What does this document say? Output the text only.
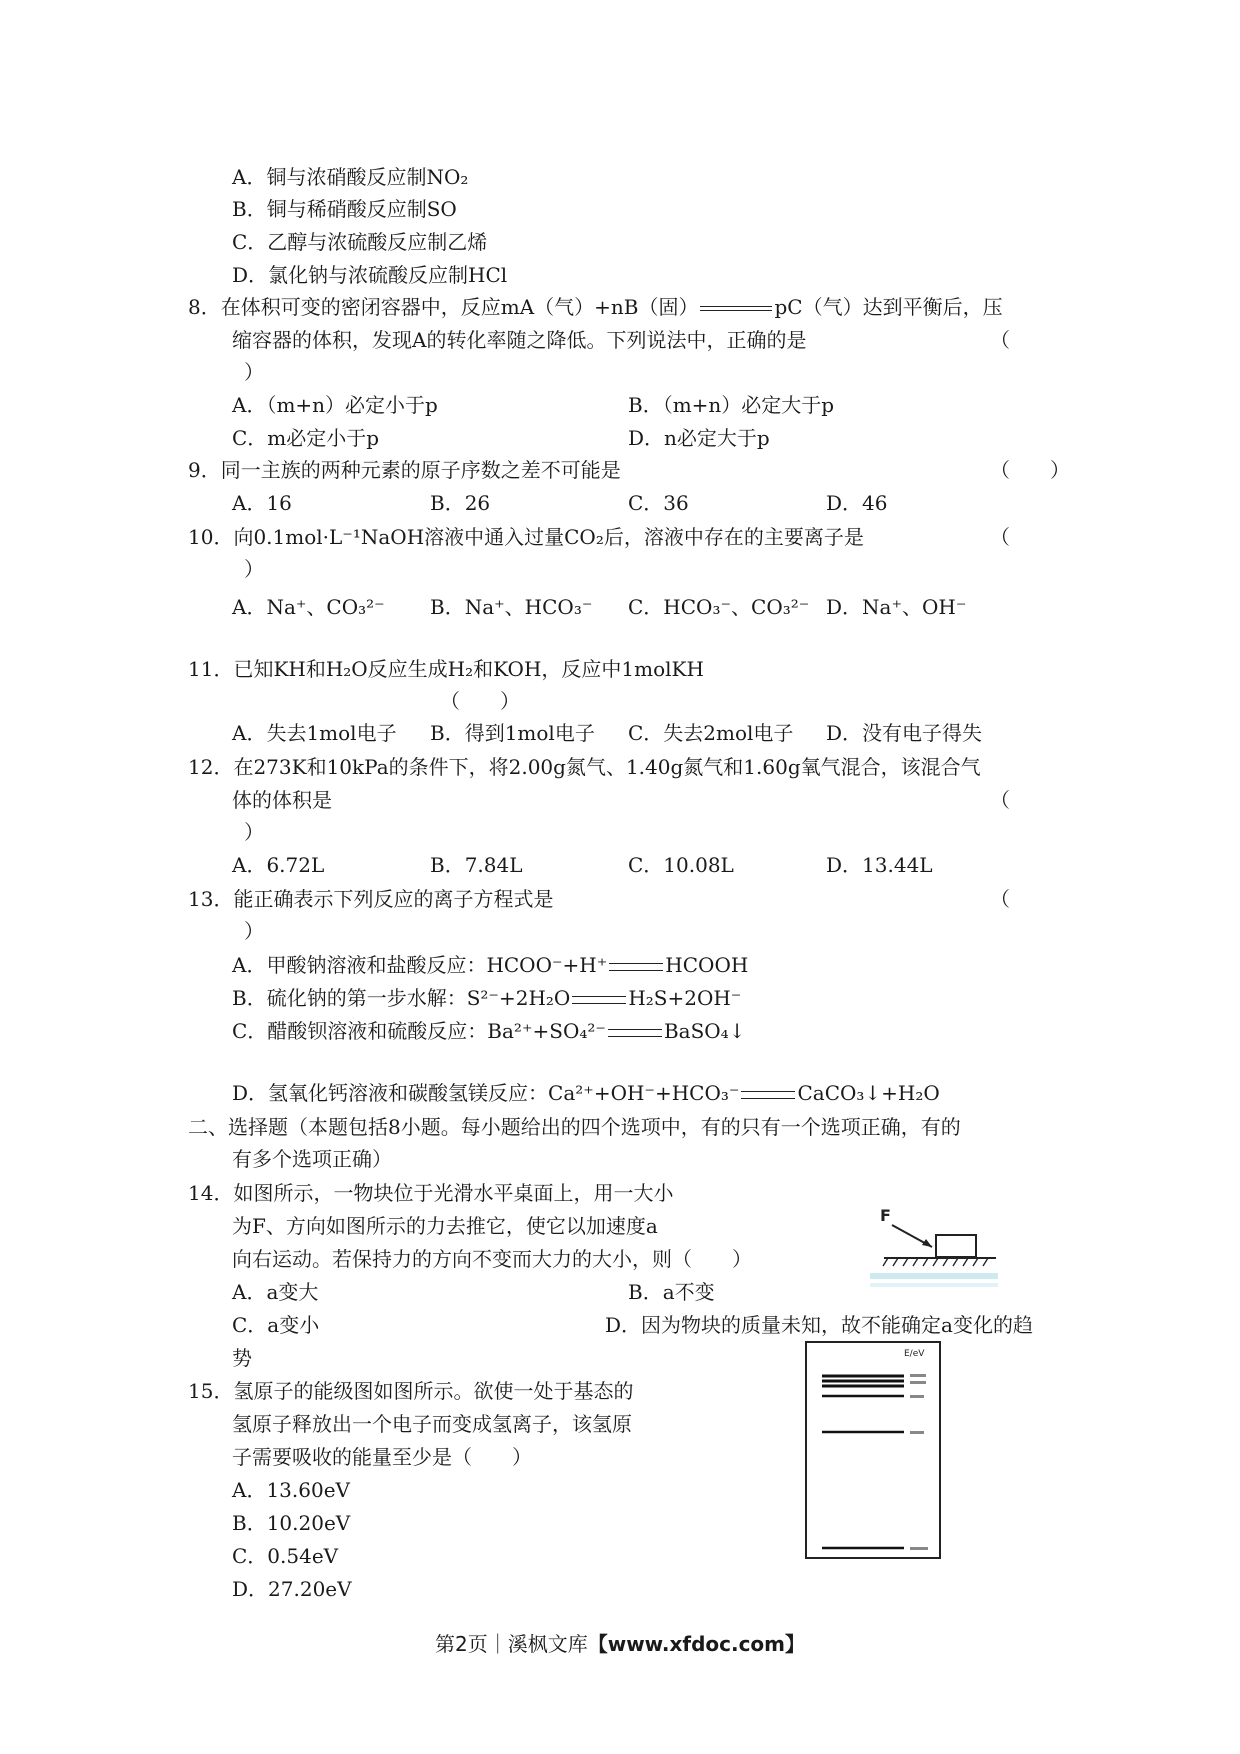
A．铜与浓硝酸反应制NO₂
B．铜与稀硝酸反应制SO
C．乙醇与浓硫酸反应制乙烯
D．氯化钠与浓硫酸反应制HCl
8．在体积可变的密闭容器中，反应mA（气）+nB（固）	pC（气）达到平衡后，压
缩容器的体积，发现A的转化率随之降低。下列说法中，正确的是	（
）
A．（m+n）必定小于p	B．（m+n）必定大于p
C．m必定小于p	D．n必定大于p
9．同一主族的两种元素的原子序数之差不可能是	（　　）
A．16	B．26	C．36	D．46
10．向0.1mol·L⁻¹NaOH溶液中通入过量CO₂后，溶液中存在的主要离子是	（
）
A．Na⁺、CO₃²⁻ B．Na⁺、HCO₃⁻ C．HCO₃⁻、CO₃²⁻ D．Na⁺、OH⁻
11．已知KH和H₂O反应生成H₂和KOH，反应中1molKH
（　　）
A．失去1mol电子 B．得到1mol电子 C．失去2mol电子 D．没有电子得失
12．在273K和10kPa的条件下，将2.00g氮气、1.40g氮气和1.60g氧气混合，该混合气
体的体积是	（
）
A．6.72L	B．7.84L	C．10.08L	D．13.44L
13．能正确表示下列反应的离子方程式是	（
）
A．甲酸钠溶液和盐酸反应：HCOO⁻+H⁺	HCOOH
B．硫化钠的第一步水解：S²⁻+2H₂O	H₂S+2OH⁻
C．醋酸钡溶液和硫酸反应：Ba²⁺+SO₄²⁻	BaSO₄↓
D．氢氧化钙溶液和碳酸氢镁反应：Ca²⁺+OH⁻+HCO₃⁻	CaCO₃↓+H₂O
二、选择题（本题包括8小题。每小题给出的四个选项中，有的只有一个选项正确，有的
有多个选项正确）
14．如图所示，一物块位于光滑水平桌面上，用一大小
为F、方向如图所示的力去推它，使它以加速度a
向右运动。若保持力的方向不变而大力的大小，则（　　）
A．a变大	B．a不变
C．a变小	D．因为物块的质量未知，故不能确定a变化的趋
势
F
15．氢原子的能级图如图所示。欲使一处于基态的
氢原子释放出一个电子而变成氢离子，该氢原
子需要吸收的能量至少是（　　）
A．13.60eV
B．10.20eV
C．0.54eV
D．27.20eV
E/eV
第2页｜溪枫文库【www.xfdoc.com】
